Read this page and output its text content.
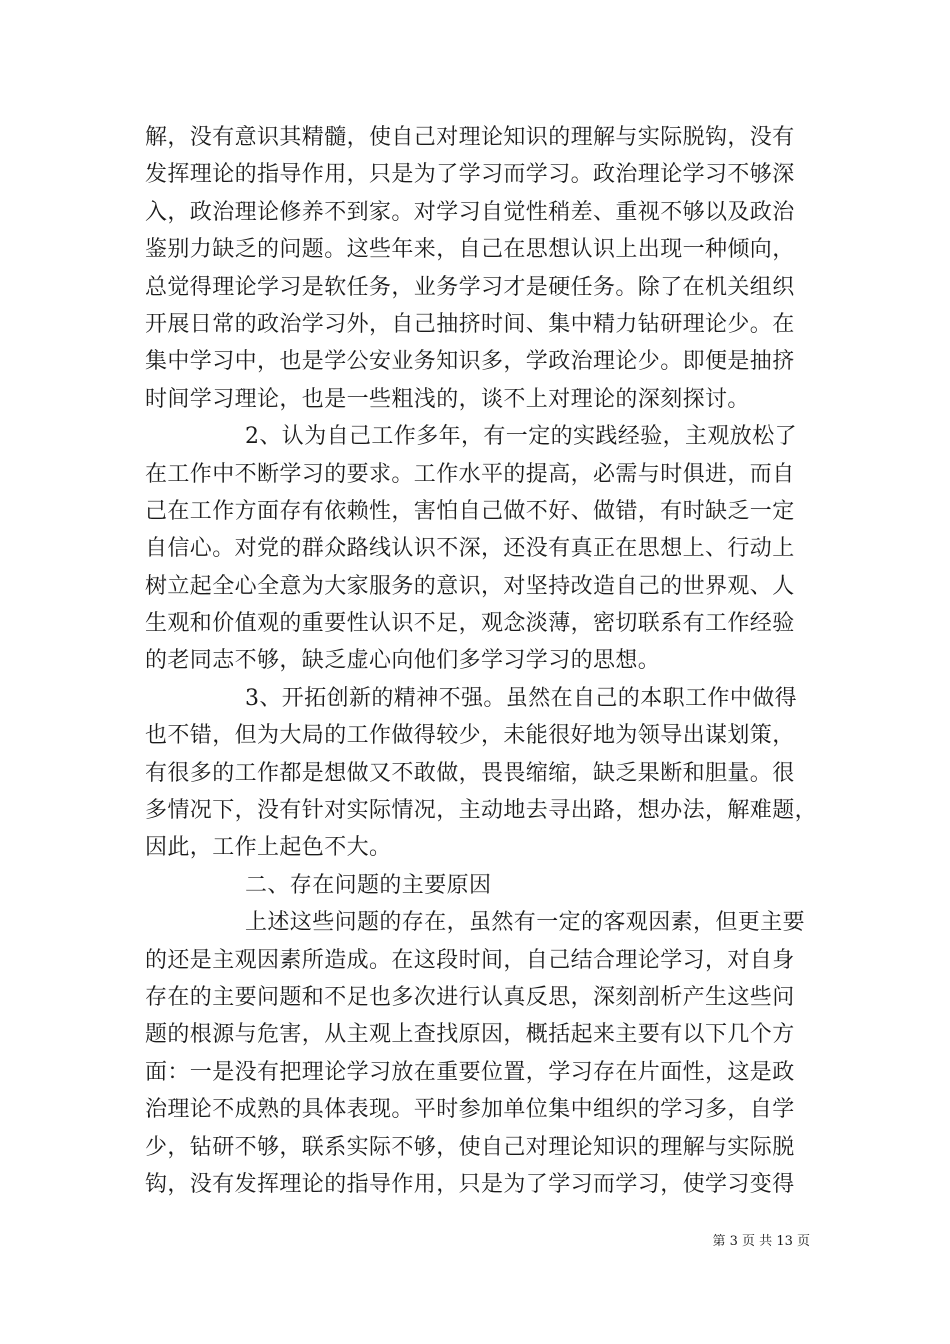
解，没有意识其精髓，使自己对理论知识的理解与实际脱钩，没有
发挥理论的指导作用，只是为了学习而学习。政治理论学习不够深
入，政治理论修养不到家。对学习自觉性稍差、重视不够以及政治
鉴别力缺乏的问题。这些年来，自己在思想认识上出现一种倾向，
总觉得理论学习是软任务，业务学习才是硬任务。除了在机关组织
开展日常的政治学习外，自己抽挤时间、集中精力钻研理论少。在
集中学习中，也是学公安业务知识多，学政治理论少。即便是抽挤
时间学习理论，也是一些粗浅的，谈不上对理论的深刻探讨。
2、认为自己工作多年，有一定的实践经验，主观放松了
在工作中不断学习的要求。工作水平的提高，必需与时俱进，而自
己在工作方面存有依赖性，害怕自己做不好、做错，有时缺乏一定
自信心。对党的群众路线认识不深，还没有真正在思想上、行动上
树立起全心全意为大家服务的意识，对坚持改造自己的世界观、人
生观和价值观的重要性认识不足，观念淡薄，密切联系有工作经验
的老同志不够，缺乏虚心向他们多学习学习的思想。
3、开拓创新的精神不强。虽然在自己的本职工作中做得
也不错，但为大局的工作做得较少，未能很好地为领导出谋划策，
有很多的工作都是想做又不敢做，畏畏缩缩，缺乏果断和胆量。很
多情况下，没有针对实际情况，主动地去寻出路，想办法，解难题，
因此，工作上起色不大。
二、存在问题的主要原因
上述这些问题的存在，虽然有一定的客观因素，但更主要
的还是主观因素所造成。在这段时间，自己结合理论学习，对自身
存在的主要问题和不足也多次进行认真反思，深刻剖析产生这些问
题的根源与危害，从主观上查找原因，概括起来主要有以下几个方
面：一是没有把理论学习放在重要位置，学习存在片面性，这是政
治理论不成熟的具体表现。平时参加单位集中组织的学习多，自学
少，钻研不够，联系实际不够，使自己对理论知识的理解与实际脱
钩，没有发挥理论的指导作用，只是为了学习而学习，使学习变得
第 3 页 共 13 页
